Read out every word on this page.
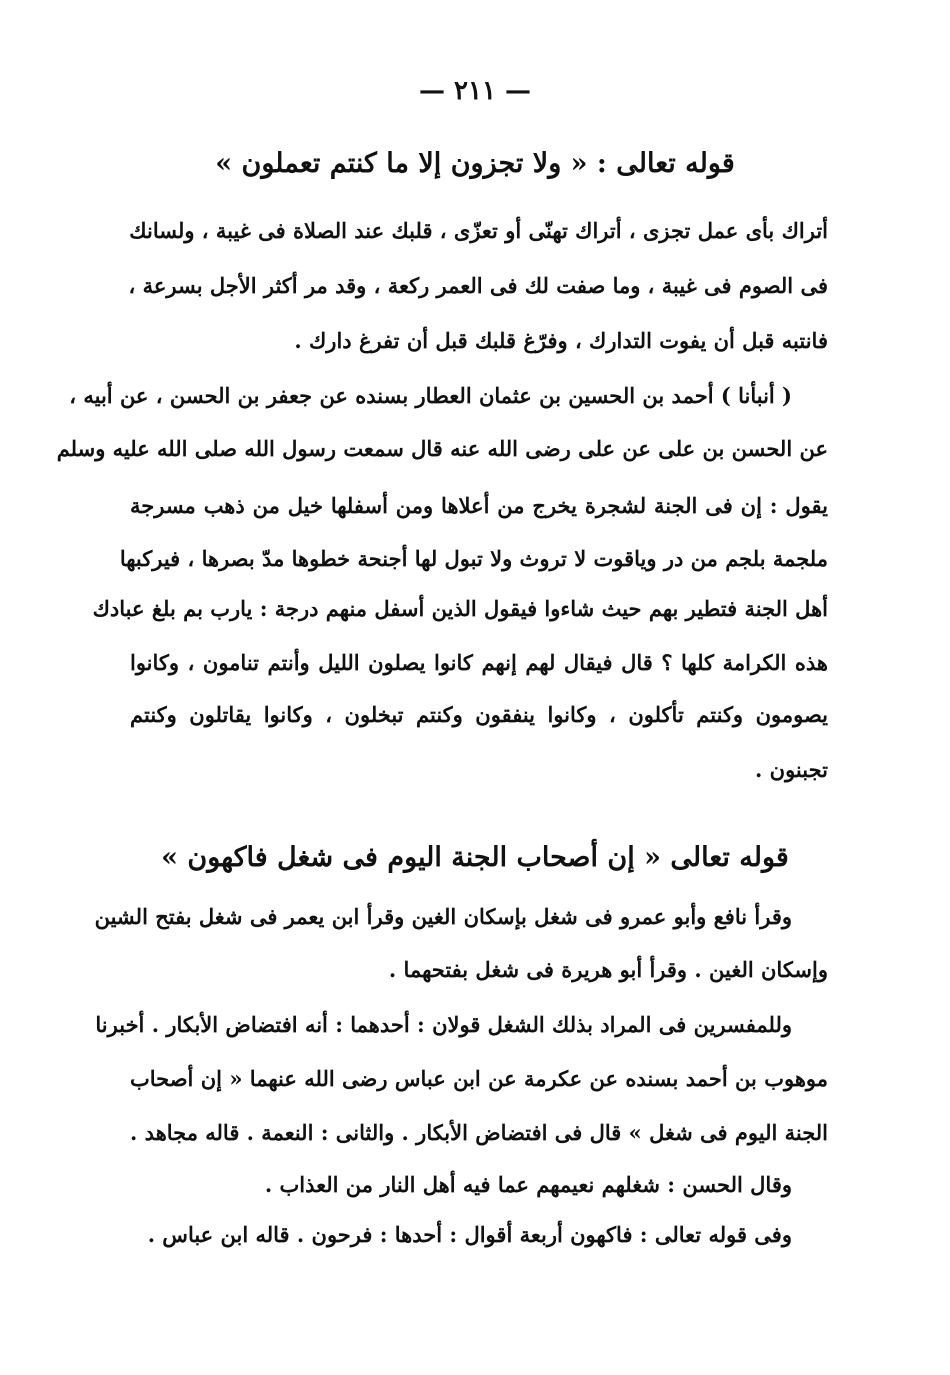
— ٢١١ —
قوله تعالى : « ولا تجزون إلا ما كنتم تعملون »
أتراك بأى عمل تجزى ، أتراك تهنّى أو تعزّى ، قلبك عند الصلاة فى غيبة ، ولسانك
فى الصوم فى غيبة ، وما صفت لك فى العمر ركعة ، وقد مر أكثر الأجل بسرعة ،
فانتبه قبل أن يفوت التدارك ، وفرّغ قلبك قبل أن تفرغ دارك .
( أنبأنا ) أحمد بن الحسين بن عثمان العطار بسنده عن جعفر بن الحسن ، عن أبيه ،
عن الحسن بن على عن على رضى الله عنه قال سمعت رسول الله صلى الله عليه وسلم
يقول : إن فى الجنة لشجرة يخرج من أعلاها ومن أسفلها خيل من ذهب مسرجة
ملجمة بلجم من در وياقوت لا تروث ولا تبول لها أجنحة خطوها مدّ بصرها ، فيركبها
أهل الجنة فتطير بهم حيث شاءوا فيقول الذين أسفل منهم درجة : يارب بم بلغ عبادك
هذه الكرامة كلها ؟ قال فيقال لهم إنهم كانوا يصلون الليل وأنتم تنامون ، وكانوا
يصومون وكنتم تأكلون ، وكانوا ينفقون وكنتم تبخلون ، وكانوا يقاتلون وكنتم
تجبنون .
قوله تعالى « إن أصحاب الجنة اليوم فى شغل فاكهون »
وقرأ نافع وأبو عمرو فى شغل بإسكان الغين وقرأ ابن يعمر فى شغل بفتح الشين
وإسكان الغين . وقرأ أبو هريرة فى شغل بفتحهما .
وللمفسرين فى المراد بذلك الشغل قولان : أحدهما : أنه افتضاض الأبكار . أخبرنا
موهوب بن أحمد بسنده عن عكرمة عن ابن عباس رضى الله عنهما « إن أصحاب
الجنة اليوم فى شغل » قال فى افتضاض الأبكار . والثانى : النعمة . قاله مجاهد .
وقال الحسن : شغلهم نعيمهم عما فيه أهل النار من العذاب .
وفى قوله تعالى : فاكهون أربعة أقوال : أحدها : فرحون . قاله ابن عباس .
